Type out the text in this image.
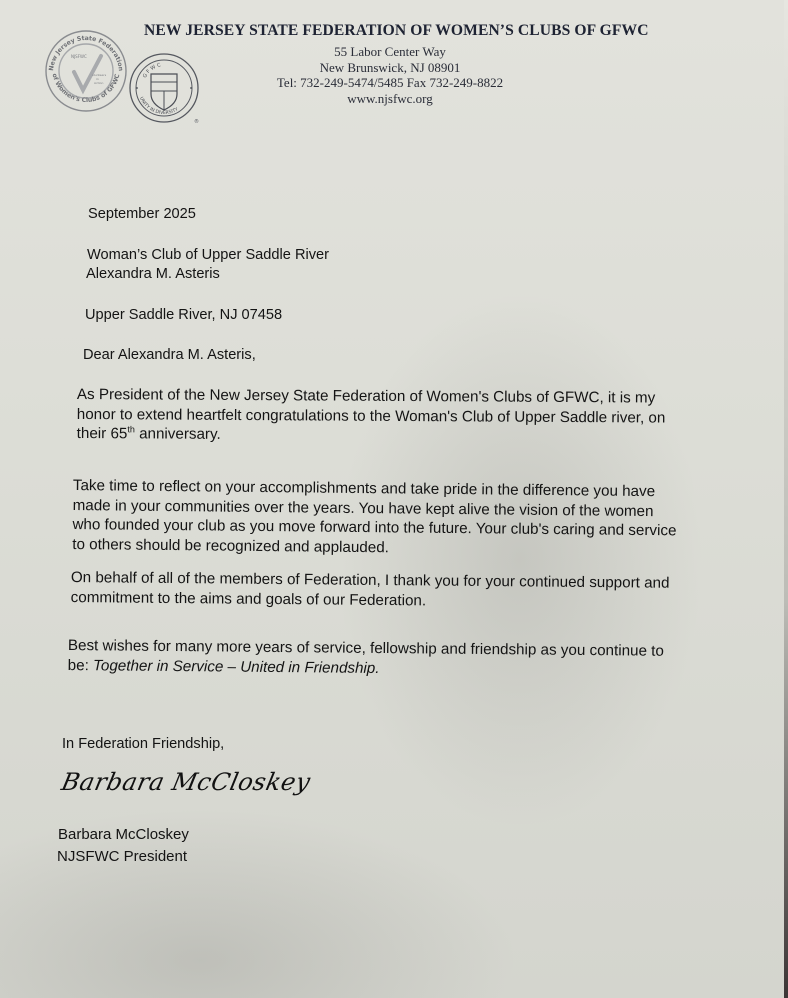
New Jersey State Federation
of Women's Clubs of GFWC
NJSFWC
olunteers
in
Action
G F W C
UNITY IN DIVERSITY
®
NEW JERSEY STATE FEDERATION OF WOMEN’S CLUBS OF GFWC
55 Labor Center Way
New Brunswick, NJ 08901
Tel: 732-249-5474/5485 Fax 732-249-8822
www.njsfwc.org
September 2025
Woman’s Club of Upper Saddle River
Alexandra M. Asteris
Upper Saddle River, NJ 07458
Dear Alexandra M. Asteris,
As President of the New Jersey State Federation of Women's Clubs of GFWC, it is my
honor to extend heartfelt congratulations to the Woman's Club of Upper Saddle river, on
their 65th anniversary.
Take time to reflect on your accomplishments and take pride in the difference you have
made in your communities over the years. You have kept alive the vision of the women
who founded your club as you move forward into the future. Your club's caring and service
to others should be recognized and applauded.
On behalf of all of the members of Federation, I thank you for your continued support and
commitment to the aims and goals of our Federation.
Best wishes for many more years of service, fellowship and friendship as you continue to
be: Together in Service – United in Friendship.
In Federation Friendship,
Barbara McCloskey
Barbara McCloskey
NJSFWC President
